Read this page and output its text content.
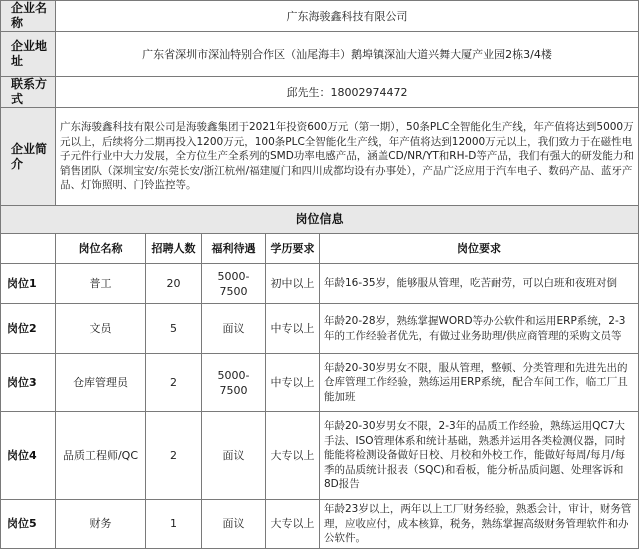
企业名称	广东海骏鑫科技有限公司				
企业地址	广东省深圳市深汕特别合作区（汕尾海丰）鹅埠镇深汕大道兴舞大厦产业园2栋3/4楼				
联系方式	邱先生：18002974472				
企业简介	广东海骏鑫科技有限公司是海骏鑫集团于2021年投资600万元（第一期），50条PLC全智能化生产线，年产值将达到5000万元以上，后续将分二期再投入1200万元，100条PLC全智能化生产线，年产值将达到12000万元以上，我们致力于在磁性电子元件行业中大力发展，全方位生产全系列的SMD功率电感产品，涵盖CD/NR/YT和RH-D等产品，我们有强大的研发能力和销售团队（深圳宝安/东莞长安/浙江杭州/福建厦门和四川成都均设有办事处），产品广泛应用于汽车电子、数码产品、蓝牙产品、灯饰照明、门铃监控等。				
岗位信息					
	岗位名称	招聘人数	福利待遇	学历要求	岗位要求
岗位1	普工	20	5000-7500	初中以上	年龄16-35岁，能够服从管理，吃苦耐劳，可以白班和夜班对倒
岗位2	文员	5	面议	中专以上	年龄20-28岁，熟练掌握WORD等办公软件和运用ERP系统，2-3年的工作经验者优先，有做过业务助理/供应商管理的采购文员等
岗位3	仓库管理员	2	5000-7500	中专以上	年龄20-30岁男女不限，服从管理，整顿、分类管理和先进先出的仓库管理工作经验，熟练运用ERP系统，配合车间工作，临工厂且能加班
岗位4	品质工程师/QC	2	面议	大专以上	年龄20-30岁男女不限，2-3年的品质工作经验，熟练运用QC7大手法、ISO管理体系和统计基础，熟悉并运用各类检测仪器，同时能能将检测设备做好日校、月校和外校工作，能做好每周/每月/每季的品质统计报表（SQC)和看板，能分析品质问题、处理客诉和8D报告
岗位5	财务	1	面议	大专以上	年龄23岁以上，两年以上工厂财务经验，熟悉会计，审计，财务管理，应收应付，成本核算，税务，熟练掌握高级财务管理软件和办公软件。
